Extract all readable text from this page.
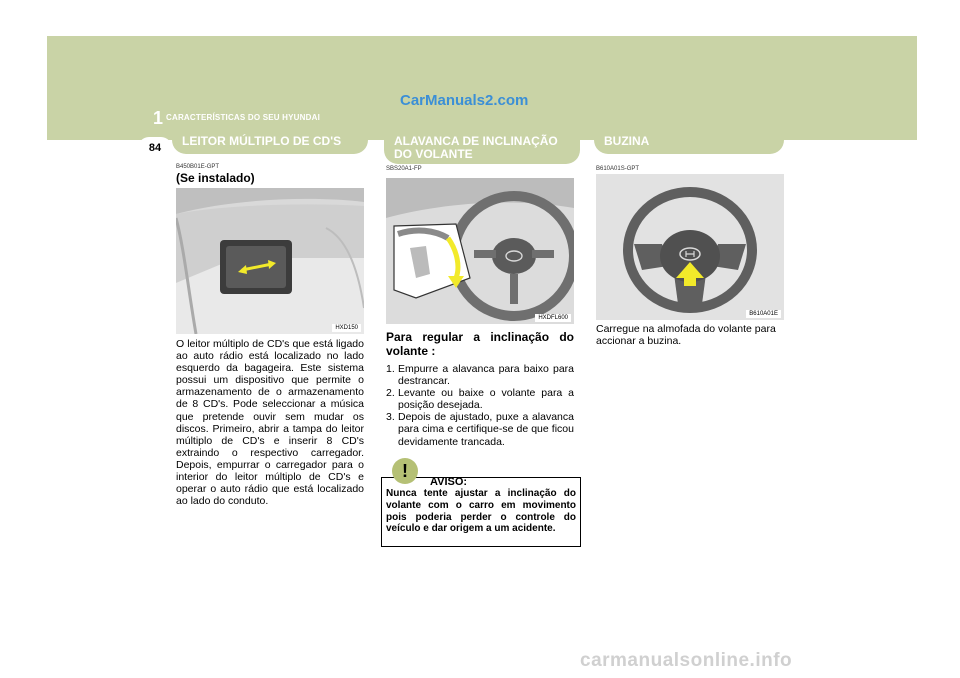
1 CARACTERÍSTICAS DO SEU HYUNDAI
CarManuals2.com
84	LEITOR MÚLTIPLO DE CD'S
B450B01E-GPT
(Se instalado)
HXD150
O leitor múltiplo de CD's que está ligado ao auto rádio está localizado no lado esquerdo da bagageira. Este sistema possui um dispositivo que permite o armazenamento de o armazenamento de 8 CD's. Pode seleccionar a música que pretende ouvir sem mudar os discos. Primeiro, abrir a tampa do leitor múltiplo de CD's e inserir 8 CD's extraindo o respectivo carregador. Depois, empurrar o carregador para o interior do leitor múltiplo de CD's e operar o auto rádio que está localizado ao lado do conduto.
ALAVANCA DE INCLINAÇÃO
DO VOLANTE
SBS20A1-FP
HXDFL600
Para regular a inclinação do volante :
1. Empurre a alavanca para baixo para destrancar.
2. Levante ou baixe o volante para a posição desejada.
3. Depois de ajustado, puxe a alavanca para cima e certifique-se de que ficou devidamente trancada.
Nunca tente ajustar a inclinação do volante com o carro em movimento pois poderia perder o controle do veículo e dar origem a um acidente.
AVISO:
!
BUZINA
B610A01S-GPT
B610A01E
Carregue na almofada do volante para accionar a buzina.
carmanualsonline.info
